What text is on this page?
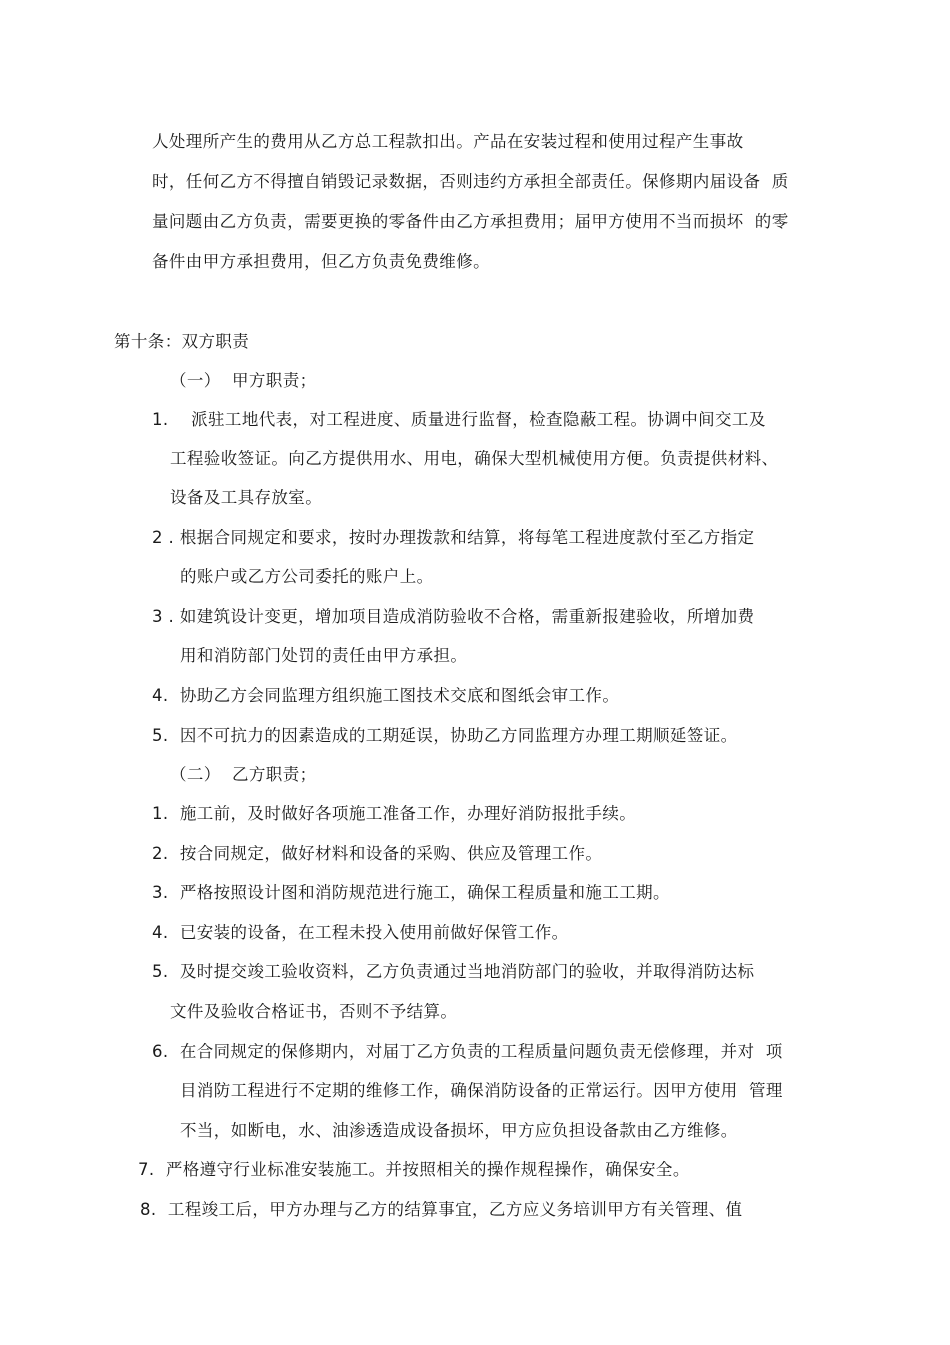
人处理所产生的费用从乙方总工程款扣出。产品在安装过程和使用过程产生事故
时，任何乙方不得擅自销毁记录数据，否则违约方承担全部责任。保修期内届设备  质
量问题由乙方负责，需要更换的零备件由乙方承担费用；届甲方使用不当而损坏  的零
备件由甲方承担费用，但乙方负责免费维修。
第十条：双方职责
（一）  甲方职责；
1.    派驻工地代表，对工程进度、质量进行监督，检查隐蔽工程。协调中间交工及
工程验收签证。向乙方提供用水、用电，确保大型机械使用方便。负责提供材料、
设备及工具存放室。
2 . 根据合同规定和要求，按时办理拨款和结算，将每笔工程进度款付至乙方指定
的账户或乙方公司委托的账户上。
3 . 如建筑设计变更，增加项目造成消防验收不合格，需重新报建验收，所增加费
用和消防部门处罚的责任由甲方承担。
4.  协助乙方会同监理方组织施工图技术交底和图纸会审工作。
5.  因不可抗力的因素造成的工期延误，协助乙方同监理方办理工期顺延签证。
（二）  乙方职责；
1.  施工前，及时做好各项施工准备工作，办理好消防报批手续。
2.  按合同规定，做好材料和设备的采购、供应及管理工作。
3.  严格按照设计图和消防规范进行施工，确保工程质量和施工工期。
4.  已安装的设备，在工程未投入使用前做好保管工作。
5.  及时提交竣工验收资料，乙方负责通过当地消防部门的验收，并取得消防达标
文件及验收合格证书，否则不予结算。
6.  在合同规定的保修期内，对届丁乙方负责的工程质量问题负责无偿修理，并对  项
目消防工程进行不定期的维修工作，确保消防设备的正常运行。因甲方使用  管理
不当，如断电，水、油渗透造成设备损坏，甲方应负担设备款由乙方维修。
7.  严格遵守行业标准安装施工。并按照相关的操作规程操作，确保安全。
8.  工程竣工后，甲方办理与乙方的结算事宜，乙方应义务培训甲方有关管理、值
